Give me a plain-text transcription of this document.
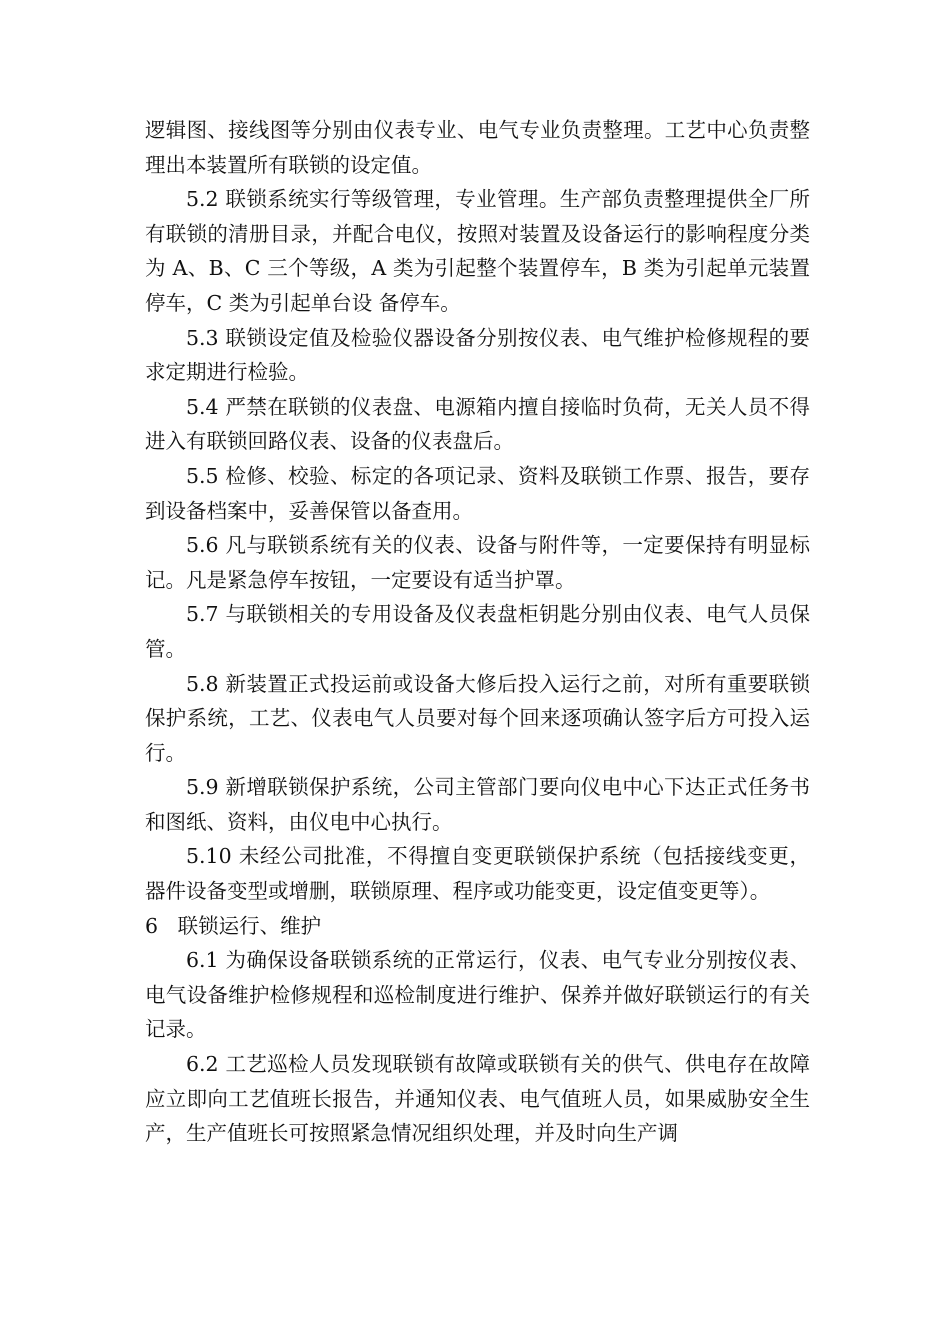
逻辑图、接线图等分别由仪表专业、电气专业负责整理。工艺中心负责整理出本装置所有联锁的设定值。

5.2 联锁系统实行等级管理，专业管理。生产部负责整理提供全厂所有联锁的清册目录，并配合电仪，按照对装置及设备运行的影响程度分类为 A、B、C 三个等级，A 类为引起整个装置停车，B 类为引起单元装置停车，C 类为引起单台设 备停车。

5.3 联锁设定值及检验仪器设备分别按仪表、电气维护检修规程的要求定期进行检验。

5.4 严禁在联锁的仪表盘、电源箱内擅自接临时负荷，无关人员不得进入有联锁回路仪表、设备的仪表盘后。

5.5 检修、校验、标定的各项记录、资料及联锁工作票、报告，要存到设备档案中，妥善保管以备查用。

5.6 凡与联锁系统有关的仪表、设备与附件等，一定要保持有明显标记。凡是紧急停车按钮，一定要设有适当护罩。

5.7 与联锁相关的专用设备及仪表盘柜钥匙分别由仪表、电气人员保管。

5.8 新装置正式投运前或设备大修后投入运行之前，对所有重要联锁保护系统，工艺、仪表电气人员要对每个回来逐项确认签字后方可投入运行。

5.9 新增联锁保护系统，公司主管部门要向仪电中心下达正式任务书和图纸、资料，由仪电中心执行。

5.10 未经公司批准，不得擅自变更联锁保护系统（包括接线变更，器件设备变型或增删，联锁原理、程序或功能变更，设定值变更等）。

6   联锁运行、维护

6.1 为确保设备联锁系统的正常运行，仪表、电气专业分别按仪表、电气设备维护检修规程和巡检制度进行维护、保养并做好联锁运行的有关记录。

6.2 工艺巡检人员发现联锁有故障或联锁有关的供气、供电存在故障应立即向工艺值班长报告，并通知仪表、电气值班人员，如果威胁安全生产，生产值班长可按照紧急情况组织处理，并及时向生产调
